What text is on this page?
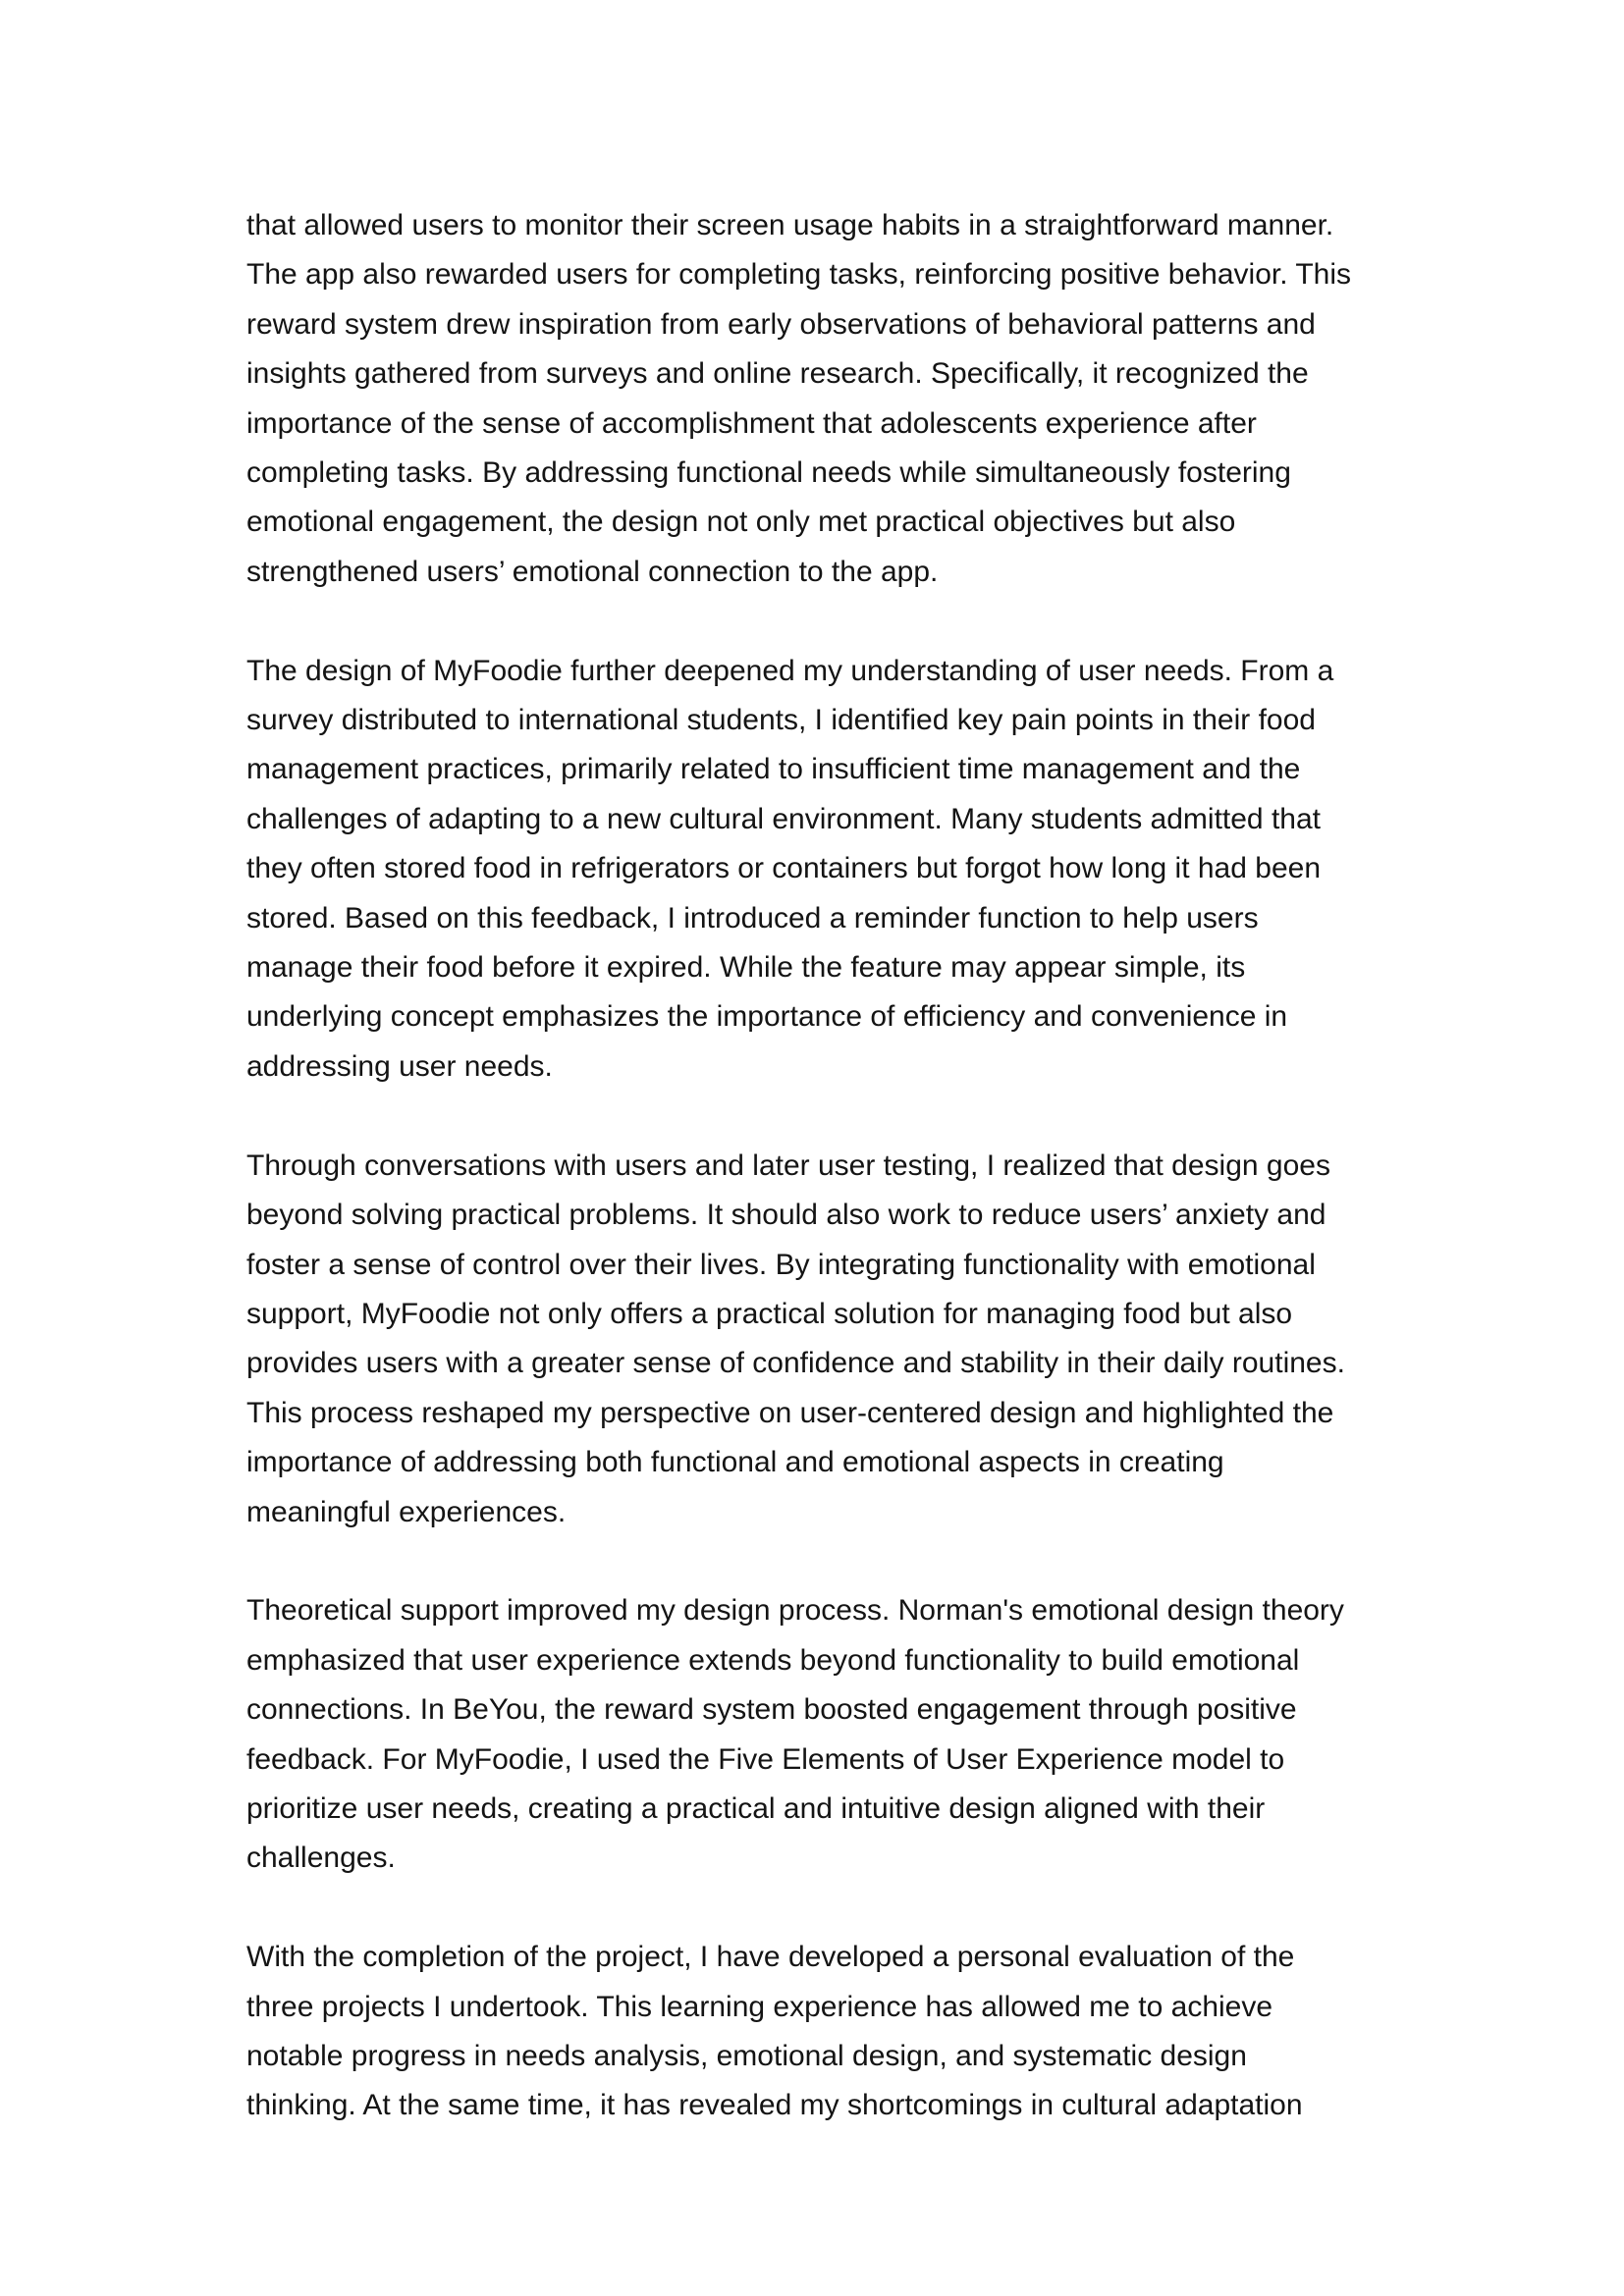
that allowed users to monitor their screen usage habits in a straightforward manner.
The app also rewarded users for completing tasks, reinforcing positive behavior. This
reward system drew inspiration from early observations of behavioral patterns and
insights gathered from surveys and online research. Specifically, it recognized the
importance of the sense of accomplishment that adolescents experience after
completing tasks. By addressing functional needs while simultaneously fostering
emotional engagement, the design not only met practical objectives but also
strengthened users’ emotional connection to the app.

The design of MyFoodie further deepened my understanding of user needs. From a
survey distributed to international students, I identified key pain points in their food
management practices, primarily related to insufficient time management and the
challenges of adapting to a new cultural environment. Many students admitted that
they often stored food in refrigerators or containers but forgot how long it had been
stored. Based on this feedback, I introduced a reminder function to help users
manage their food before it expired. While the feature may appear simple, its
underlying concept emphasizes the importance of efficiency and convenience in
addressing user needs.

Through conversations with users and later user testing, I realized that design goes
beyond solving practical problems. It should also work to reduce users’ anxiety and
foster a sense of control over their lives. By integrating functionality with emotional
support, MyFoodie not only offers a practical solution for managing food but also
provides users with a greater sense of confidence and stability in their daily routines.
This process reshaped my perspective on user-centered design and highlighted the
importance of addressing both functional and emotional aspects in creating
meaningful experiences.

Theoretical support improved my design process. Norman's emotional design theory
emphasized that user experience extends beyond functionality to build emotional
connections. In BeYou, the reward system boosted engagement through positive
feedback. For MyFoodie, I used the Five Elements of User Experience model to
prioritize user needs, creating a practical and intuitive design aligned with their
challenges.

With the completion of the project, I have developed a personal evaluation of the
three projects I undertook. This learning experience has allowed me to achieve
notable progress in needs analysis, emotional design, and systematic design
thinking. At the same time, it has revealed my shortcomings in cultural adaptation
